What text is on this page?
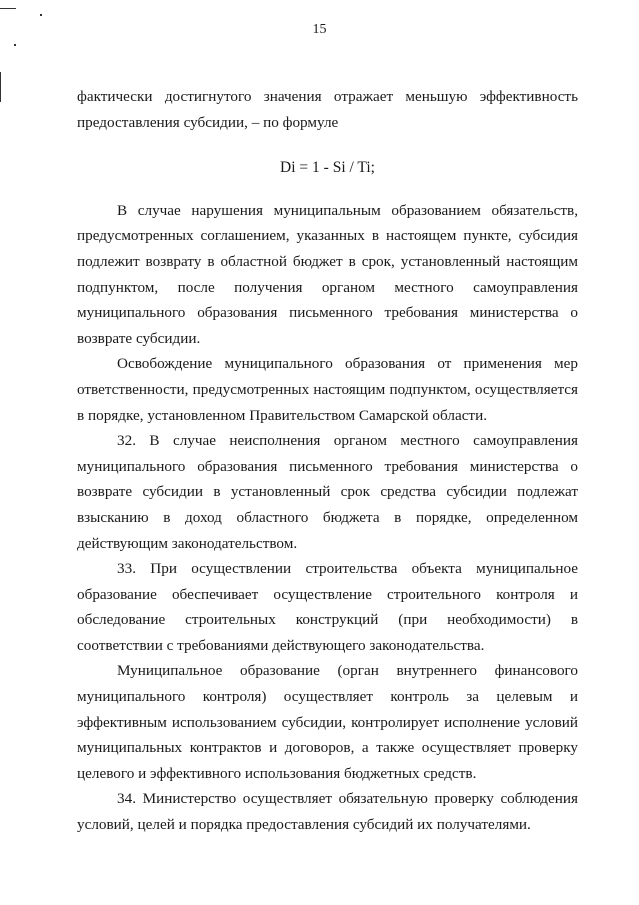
15

фактически достигнутого значения отражает меньшую эффективность предоставления субсидии, – по формуле

Di = 1 - Si / Ti;

В случае нарушения муниципальным образованием обязательств, предусмотренных соглашением, указанных в настоящем пункте, субсидия подлежит возврату в областной бюджет в срок, установленный настоящим подпунктом, после получения органом местного самоуправления муниципального образования письменного требования министерства о возврате субсидии.

Освобождение муниципального образования от применения мер ответственности, предусмотренных настоящим подпунктом, осуществляется в порядке, установленном Правительством Самарской области.

32. В случае неисполнения органом местного самоуправления муниципального образования письменного требования министерства о возврате субсидии в установленный срок средства субсидии подлежат взысканию в доход областного бюджета в порядке, определенном действующим законодательством.

33. При осуществлении строительства объекта муниципальное образование обеспечивает осуществление строительного контроля и обследование строительных конструкций (при необходимости) в соответствии с требованиями действующего законодательства.

Муниципальное образование (орган внутреннего финансового муниципального контроля) осуществляет контроль за целевым и эффективным использованием субсидии, контролирует исполнение условий муниципальных контрактов и договоров, а также осуществляет проверку целевого и эффективного использования бюджетных средств.

34. Министерство осуществляет обязательную проверку соблюдения условий, целей и порядка предоставления субсидий их получателями.
